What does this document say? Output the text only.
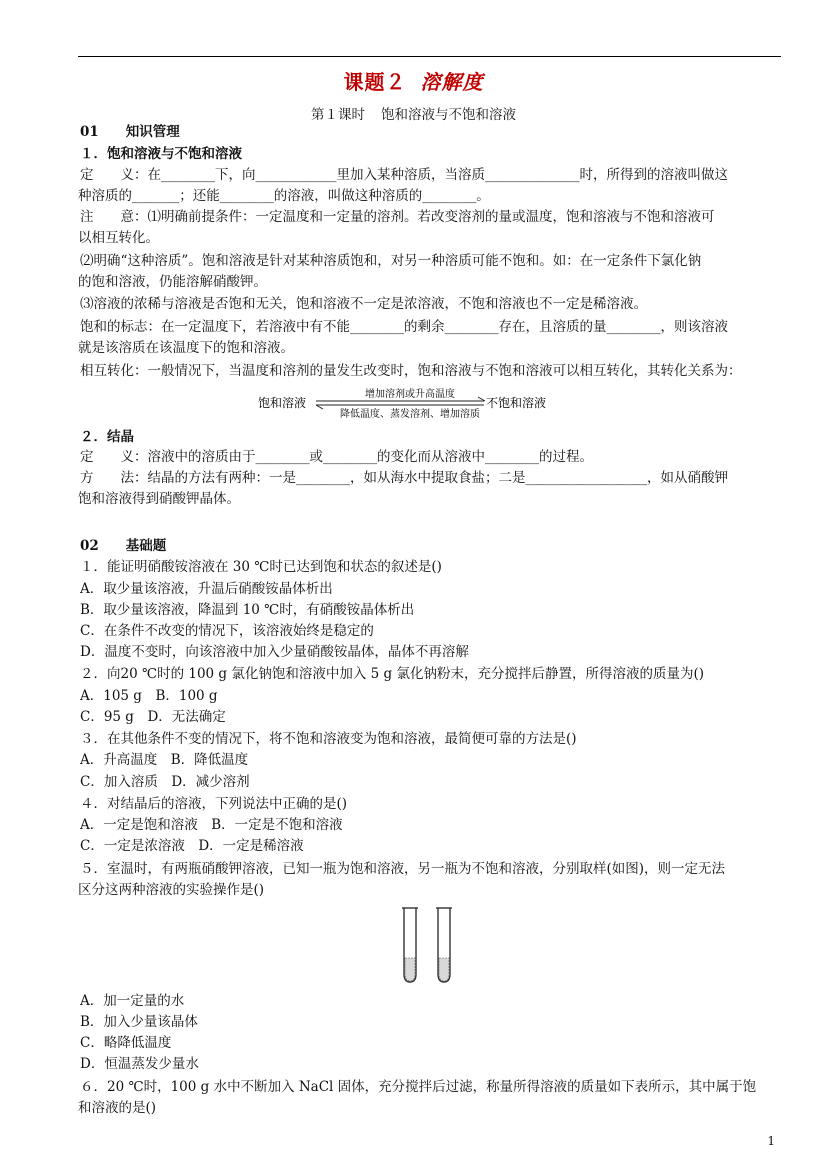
课题２ 溶解度
第１课时 饱和溶液与不饱和溶液
01　　知识管理
１．饱和溶液与不饱和溶液
定　　义：在________下，向____________里加入某种溶质，当溶质______________时，所得到的溶液叫做这
种溶质的_______；还能________的溶液，叫做这种溶质的________。
注　　意：⑴明确前提条件：一定温度和一定量的溶剂。若改变溶剂的量或温度，饱和溶液与不饱和溶液可
以相互转化。
⑵明确“这种溶质”。饱和溶液是针对某种溶质饱和，对另一种溶质可能不饱和。如：在一定条件下氯化钠
的饱和溶液，仍能溶解硝酸钾。
⑶溶液的浓稀与溶液是否饱和无关，饱和溶液不一定是浓溶液，不饱和溶液也不一定是稀溶液。
饱和的标志：在一定温度下，若溶液中有不能________的剩余________存在，且溶质的量________，则该溶液
就是该溶质在该温度下的饱和溶液。
相互转化：一般情况下，当温度和溶剂的量发生改变时，饱和溶液与不饱和溶液可以相互转化，其转化关系为：
饱和溶液
增加溶剂或升高温度
降低温度、蒸发溶剂、增加溶质
不饱和溶液
２．结晶
定　　义：溶液中的溶质由于________或________的变化而从溶液中________的过程。
方　　法：结晶的方法有两种：一是________，如从海水中提取食盐；二是__________________，如从硝酸钾
饱和溶液得到硝酸钾晶体。
02　　基础题
１．能证明硝酸铵溶液在 30 ℃时已达到饱和状态的叙述是()
A．取少量该溶液，升温后硝酸铵晶体析出
B．取少量该溶液，降温到 10 ℃时，有硝酸铵晶体析出
C．在条件不改变的情况下，该溶液始终是稳定的
D．温度不变时，向该溶液中加入少量硝酸铵晶体，晶体不再溶解
２．向20 ℃时的 100 g 氯化钠饱和溶液中加入 5 g 氯化钠粉末，充分搅拌后静置，所得溶液的质量为()
A．105 g　B．100 g
C．95 g　D．无法确定
３．在其他条件不变的情况下，将不饱和溶液变为饱和溶液，最简便可靠的方法是()
A．升高温度　B．降低温度
C．加入溶质　D．减少溶剂
４．对结晶后的溶液，下列说法中正确的是()
A．一定是饱和溶液　B．一定是不饱和溶液
C．一定是浓溶液　D．一定是稀溶液
５．室温时，有两瓶硝酸钾溶液，已知一瓶为饱和溶液，另一瓶为不饱和溶液，分别取样(如图)，则一定无法
区分这两种溶液的实验操作是()
A．加一定量的水
B．加入少量该晶体
C．略降低温度
D．恒温蒸发少量水
６．20 ℃时，100 g 水中不断加入 NaCl 固体，充分搅拌后过滤，称量所得溶液的质量如下表所示，其中属于饱
和溶液的是()
1
